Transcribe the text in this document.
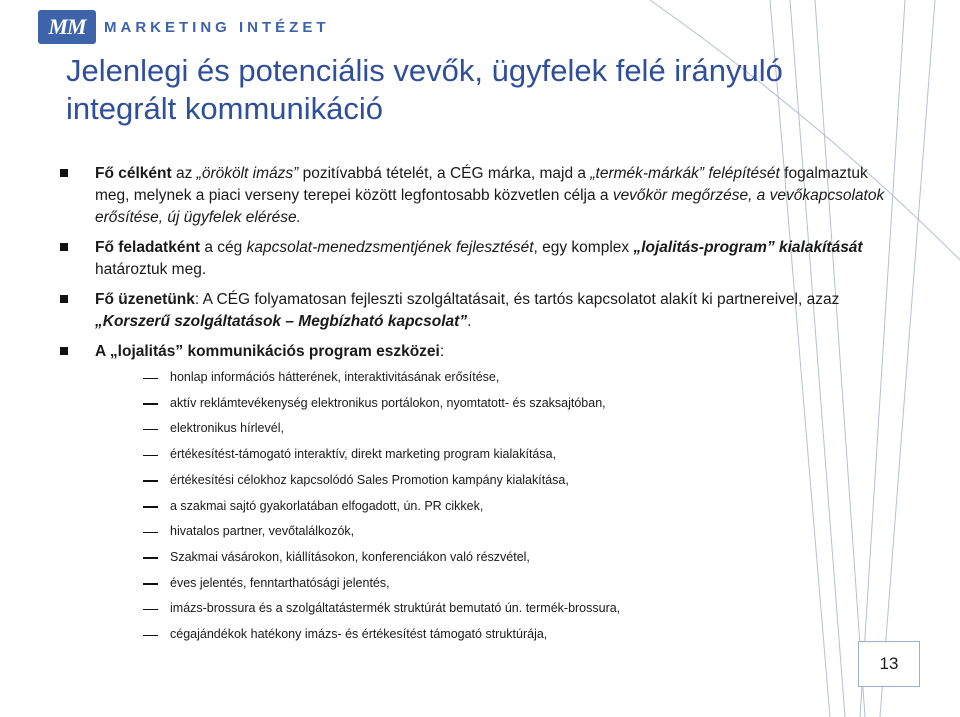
MM	MARKETING INTÉZET
Jelenlegi és potenciális vevők, ügyfelek felé irányuló integrált kommunikáció
Fő célként az „örökölt imázs” pozitívabbá tételét, a CÉG márka, majd a „termék-márkák” felépítését fogalmaztuk meg, melynek a piaci verseny terepei között legfontosabb közvetlen célja a vevőkör megőrzése, a vevőkapcsolatok erősítése, új ügyfelek elérése.
Fő feladatként a cég kapcsolat-menedzsmentjének fejlesztését, egy komplex „lojalitás-program” kialakítását határoztuk meg.
Fő üzenetünk: A CÉG folyamatosan fejleszti szolgáltatásait, és tartós kapcsolatot alakít ki partnereivel, azaz „Korszerű szolgáltatások – Megbízható kapcsolat”.
A „lojalitás” kommunikációs program eszközei:
honlap információs hátterének, interaktivitásának erősítése,
aktív reklámtevékenység elektronikus portálokon, nyomtatott- és szaksajtóban,
elektronikus hírlevél,
értékesítést-támogató interaktív, direkt marketing program kialakítása,
értékesítési célokhoz kapcsolódó Sales Promotion kampány kialakítása,
a szakmai sajtó gyakorlatában elfogadott, ún. PR cikkek,
hivatalos partner, vevőtalálkozók,
Szakmai vásárokon, kiállításokon, konferenciákon való részvétel,
éves jelentés, fenntarthatósági jelentés,
imázs-brossura és a szolgáltatástermék struktúrát bemutató ún. termék-brossura,
cégajándékok hatékony imázs- és értékesítést támogató struktúrája,
13
